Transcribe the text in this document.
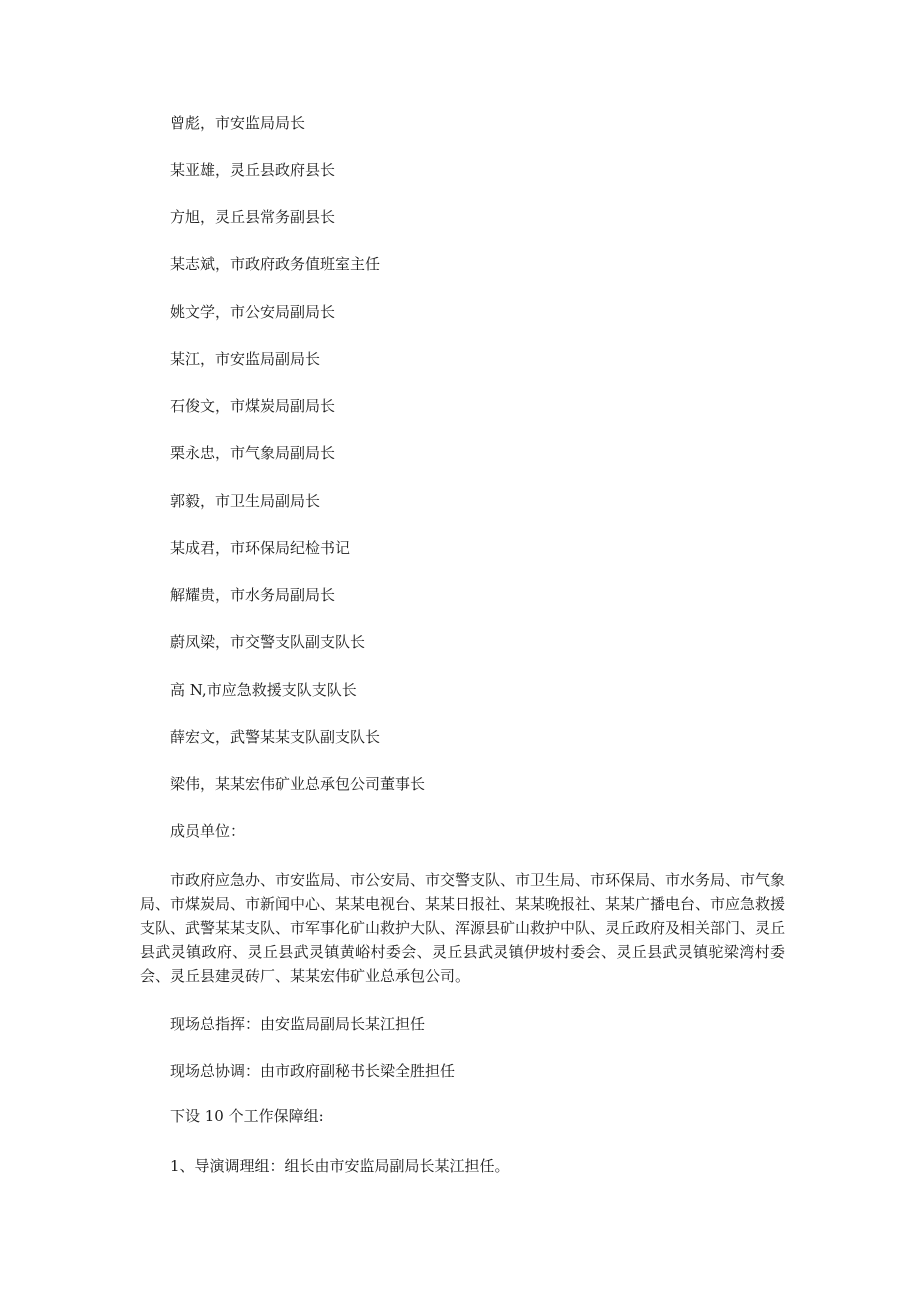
曾彪，市安监局局长
某亚雄，灵丘县政府县长
方旭，灵丘县常务副县长
某志斌，市政府政务值班室主任
姚文学，市公安局副局长
某江，市安监局副局长
石俊文，市煤炭局副局长
栗永忠，市气象局副局长
郭毅，市卫生局副局长
某成君，市环保局纪检书记
解耀贵，市水务局副局长
蔚凤梁，市交警支队副支队长
高 N,市应急救援支队支队长
薛宏文，武警某某支队副支队长
梁伟，某某宏伟矿业总承包公司董事长
成员单位：
市政府应急办、市安监局、市公安局、市交警支队、市卫生局、市环保局、市水务局、市气象局、市煤炭局、市新闻中心、某某电视台、某某日报社、某某晚报社、某某广播电台、市应急救援支队、武警某某支队、市军事化矿山救护大队、浑源县矿山救护中队、灵丘政府及相关部门、灵丘县武灵镇政府、灵丘县武灵镇黄峪村委会、灵丘县武灵镇伊坡村委会、灵丘县武灵镇驼梁湾村委会、灵丘县建灵砖厂、某某宏伟矿业总承包公司。
现场总指挥：由安监局副局长某江担任
现场总协调：由市政府副秘书长梁全胜担任
下设 10 个工作保障组:
1、导演调理组：组长由市安监局副局长某江担任。
